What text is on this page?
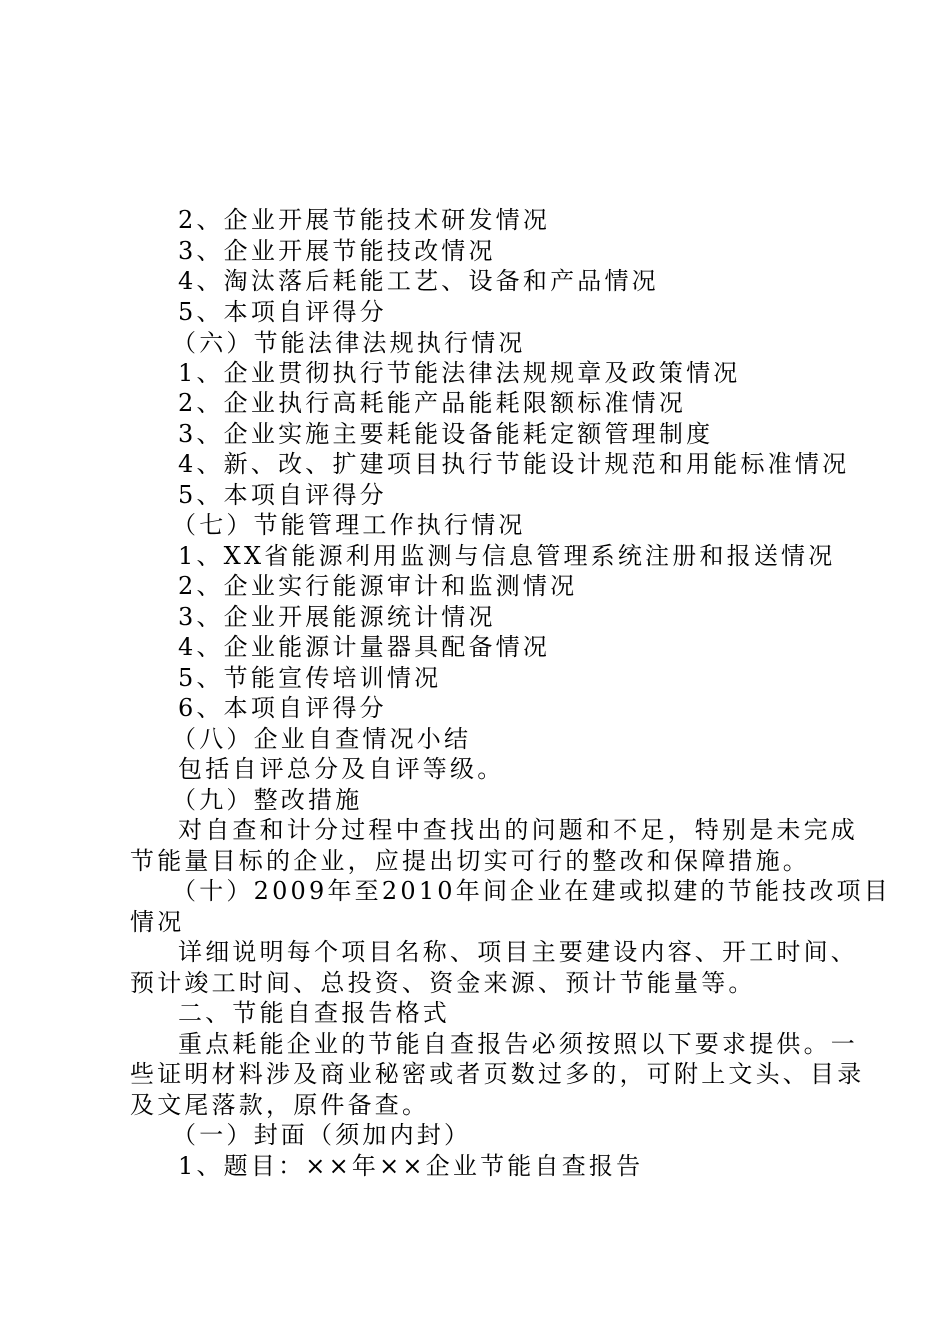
2、企业开展节能技术研发情况
3、企业开展节能技改情况
4、淘汰落后耗能工艺、设备和产品情况
5、本项自评得分
（六）节能法律法规执行情况
1、企业贯彻执行节能法律法规规章及政策情况
2、企业执行高耗能产品能耗限额标准情况
3、企业实施主要耗能设备能耗定额管理制度
4、新、改、扩建项目执行节能设计规范和用能标准情况
5、本项自评得分
（七）节能管理工作执行情况
1、XX省能源利用监测与信息管理系统注册和报送情况
2、企业实行能源审计和监测情况
3、企业开展能源统计情况
4、企业能源计量器具配备情况
5、节能宣传培训情况
6、本项自评得分
（八）企业自查情况小结
包括自评总分及自评等级。
（九）整改措施
对自查和计分过程中查找出的问题和不足，特别是未完成
节能量目标的企业，应提出切实可行的整改和保障措施。
（十）2009年至2010年间企业在建或拟建的节能技改项目
情况
详细说明每个项目名称、项目主要建设内容、开工时间、
预计竣工时间、总投资、资金来源、预计节能量等。
二、节能自查报告格式
重点耗能企业的节能自查报告必须按照以下要求提供。一
些证明材料涉及商业秘密或者页数过多的，可附上文头、目录
及文尾落款，原件备查。
（一）封面（须加内封）
1、题目：××年××企业节能自查报告
